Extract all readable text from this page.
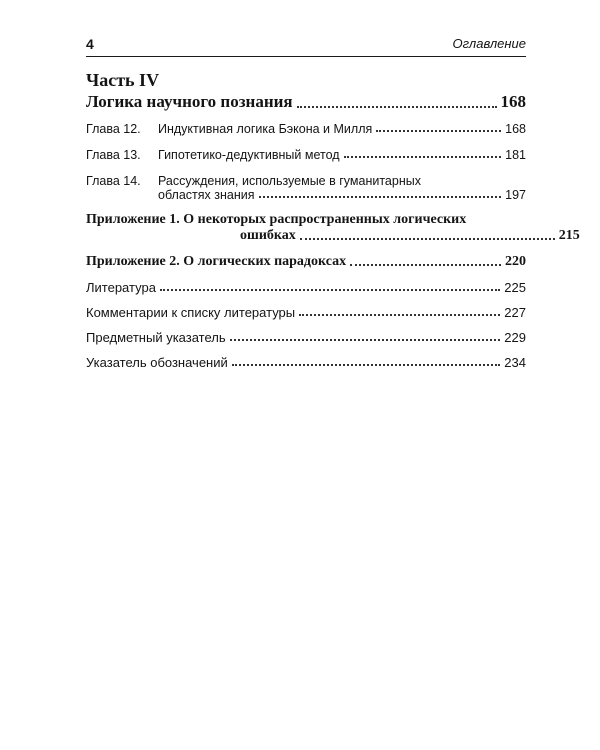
4	Оглавление
Часть IV
Логика научного познания	168
Глава 12. Индуктивная логика Бэкона и Милля	168
Глава 13. Гипотетико-дедуктивный метод	181
Глава 14. Рассуждения, используемые в гуманитарных
областях знания	197
Приложение 1. О некоторых распространенных логических
ошибках	215
Приложение 2. О логических парадоксах	220
Литература	225
Комментарии к списку литературы	227
Предметный указатель	229
Указатель обозначений	234
